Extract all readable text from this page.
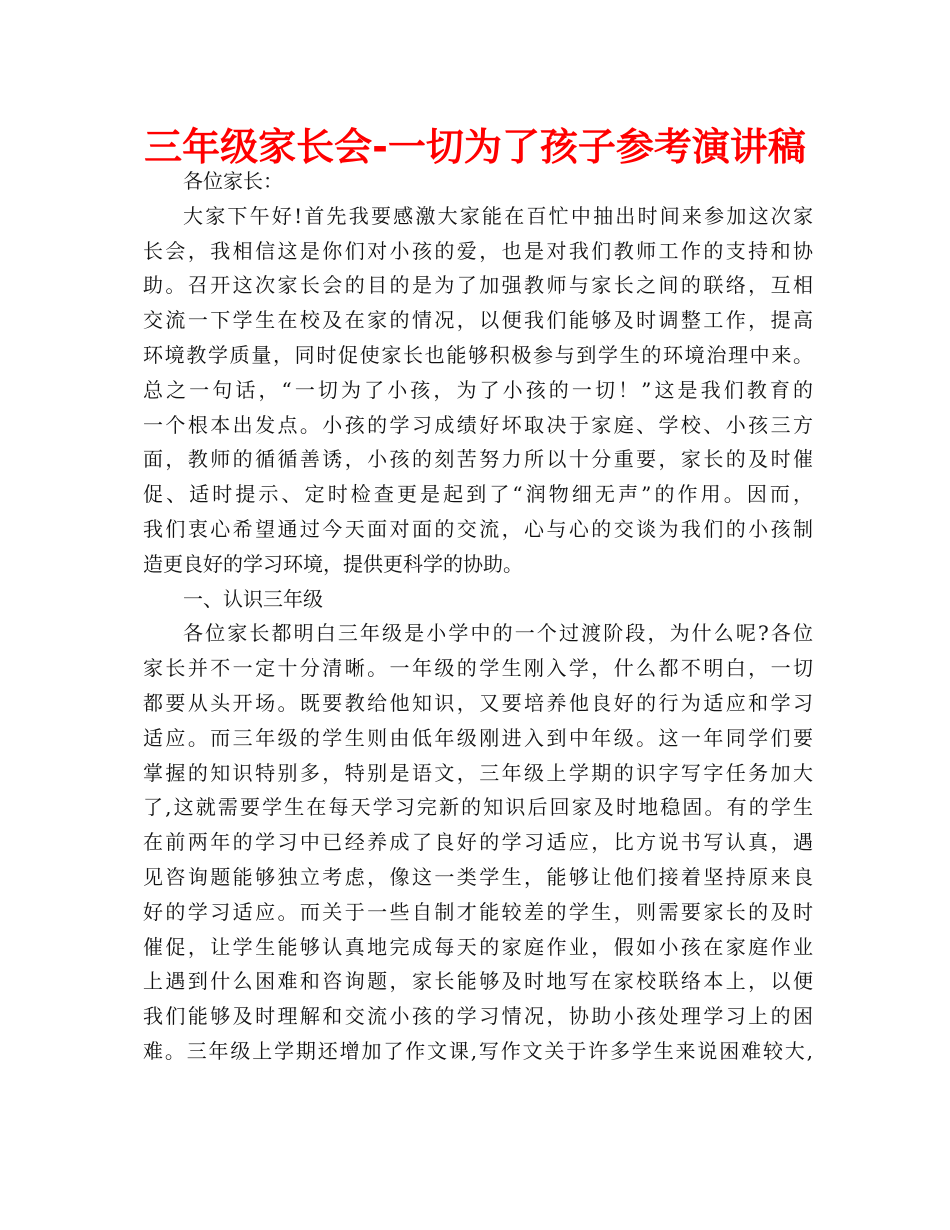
三年级家长会-一切为了孩子参考演讲稿
各位家长：
大家下午好!首先我要感激大家能在百忙中抽出时间来参加这次家
长会，我相信这是你们对小孩的爱，也是对我们教师工作的支持和协
助。召开这次家长会的目的是为了加强教师与家长之间的联络，互相
交流一下学生在校及在家的情况，以便我们能够及时调整工作，提高
环境教学质量，同时促使家长也能够积极参与到学生的环境治理中来。
总之一句话，“一切为了小孩，为了小孩的一切！”这是我们教育的
一个根本出发点。小孩的学习成绩好坏取决于家庭、学校、小孩三方
面，教师的循循善诱，小孩的刻苦努力所以十分重要，家长的及时催
促、适时提示、定时检查更是起到了“润物细无声”的作用。因而，
我们衷心希望通过今天面对面的交流，心与心的交谈为我们的小孩制
造更良好的学习环境，提供更科学的协助。
一、认识三年级
各位家长都明白三年级是小学中的一个过渡阶段，为什么呢?各位
家长并不一定十分清晰。一年级的学生刚入学，什么都不明白，一切
都要从头开场。既要教给他知识，又要培养他良好的行为适应和学习
适应。而三年级的学生则由低年级刚进入到中年级。这一年同学们要
掌握的知识特别多，特别是语文，三年级上学期的识字写字任务加大
了,这就需要学生在每天学习完新的知识后回家及时地稳固。有的学生
在前两年的学习中已经养成了良好的学习适应，比方说书写认真，遇
见咨询题能够独立考虑，像这一类学生，能够让他们接着坚持原来良
好的学习适应。而关于一些自制才能较差的学生，则需要家长的及时
催促，让学生能够认真地完成每天的家庭作业，假如小孩在家庭作业
上遇到什么困难和咨询题，家长能够及时地写在家校联络本上，以便
我们能够及时理解和交流小孩的学习情况，协助小孩处理学习上的困
难。三年级上学期还增加了作文课,写作文关于许多学生来说困难较大,
